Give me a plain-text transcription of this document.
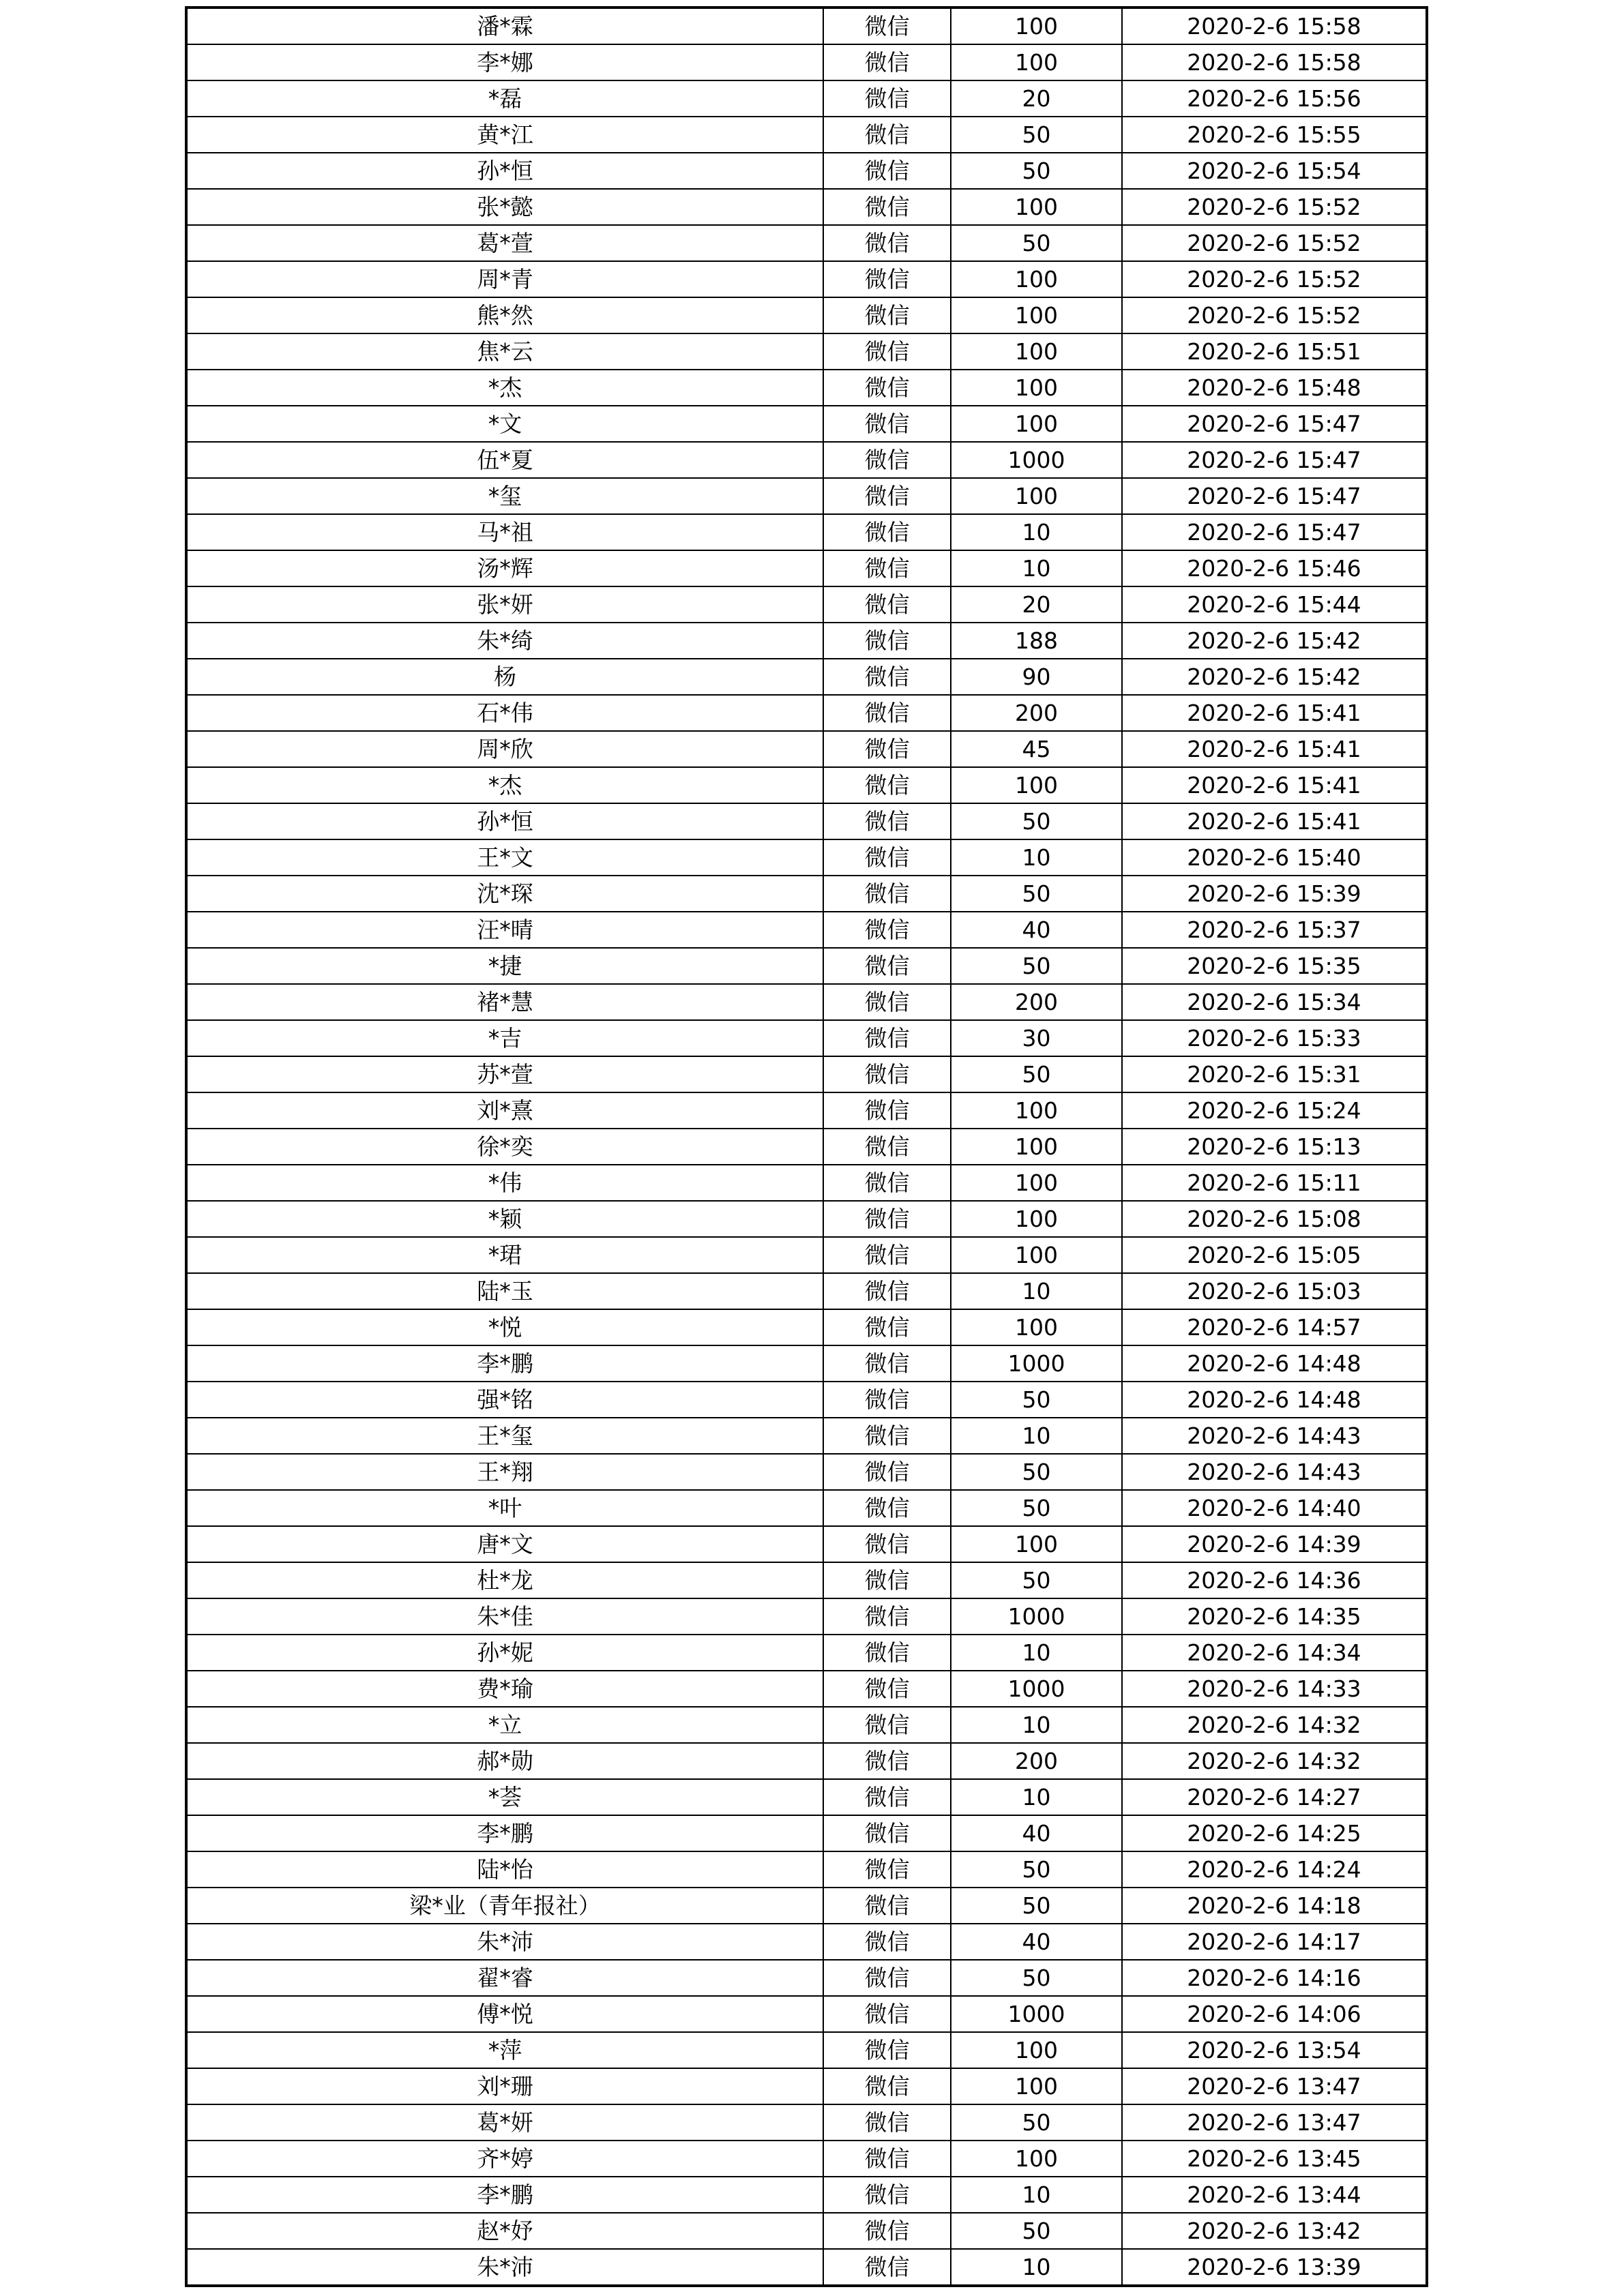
潘*霖	微信	100	2020-2-6 15:58
李*娜	微信	100	2020-2-6 15:58
*磊	微信	20	2020-2-6 15:56
黄*江	微信	50	2020-2-6 15:55
孙*恒	微信	50	2020-2-6 15:54
张*懿	微信	100	2020-2-6 15:52
葛*萱	微信	50	2020-2-6 15:52
周*青	微信	100	2020-2-6 15:52
熊*然	微信	100	2020-2-6 15:52
焦*云	微信	100	2020-2-6 15:51
*杰	微信	100	2020-2-6 15:48
*文	微信	100	2020-2-6 15:47
伍*夏	微信	1000	2020-2-6 15:47
*玺	微信	100	2020-2-6 15:47
马*祖	微信	10	2020-2-6 15:47
汤*辉	微信	10	2020-2-6 15:46
张*妍	微信	20	2020-2-6 15:44
朱*绮	微信	188	2020-2-6 15:42
杨	微信	90	2020-2-6 15:42
石*伟	微信	200	2020-2-6 15:41
周*欣	微信	45	2020-2-6 15:41
*杰	微信	100	2020-2-6 15:41
孙*恒	微信	50	2020-2-6 15:41
王*文	微信	10	2020-2-6 15:40
沈*琛	微信	50	2020-2-6 15:39
汪*晴	微信	40	2020-2-6 15:37
*捷	微信	50	2020-2-6 15:35
褚*慧	微信	200	2020-2-6 15:34
*吉	微信	30	2020-2-6 15:33
苏*萱	微信	50	2020-2-6 15:31
刘*熹	微信	100	2020-2-6 15:24
徐*奕	微信	100	2020-2-6 15:13
*伟	微信	100	2020-2-6 15:11
*颖	微信	100	2020-2-6 15:08
*珺	微信	100	2020-2-6 15:05
陆*玉	微信	10	2020-2-6 15:03
*悦	微信	100	2020-2-6 14:57
李*鹏	微信	1000	2020-2-6 14:48
强*铭	微信	50	2020-2-6 14:48
王*玺	微信	10	2020-2-6 14:43
王*翔	微信	50	2020-2-6 14:43
*叶	微信	50	2020-2-6 14:40
唐*文	微信	100	2020-2-6 14:39
杜*龙	微信	50	2020-2-6 14:36
朱*佳	微信	1000	2020-2-6 14:35
孙*妮	微信	10	2020-2-6 14:34
费*瑜	微信	1000	2020-2-6 14:33
*立	微信	10	2020-2-6 14:32
郝*勋	微信	200	2020-2-6 14:32
*荟	微信	10	2020-2-6 14:27
李*鹏	微信	40	2020-2-6 14:25
陆*怡	微信	50	2020-2-6 14:24
梁*业（青年报社）	微信	50	2020-2-6 14:18
朱*沛	微信	40	2020-2-6 14:17
翟*睿	微信	50	2020-2-6 14:16
傅*悦	微信	1000	2020-2-6 14:06
*萍	微信	100	2020-2-6 13:54
刘*珊	微信	100	2020-2-6 13:47
葛*妍	微信	50	2020-2-6 13:47
齐*婷	微信	100	2020-2-6 13:45
李*鹏	微信	10	2020-2-6 13:44
赵*妤	微信	50	2020-2-6 13:42
朱*沛	微信	10	2020-2-6 13:39
